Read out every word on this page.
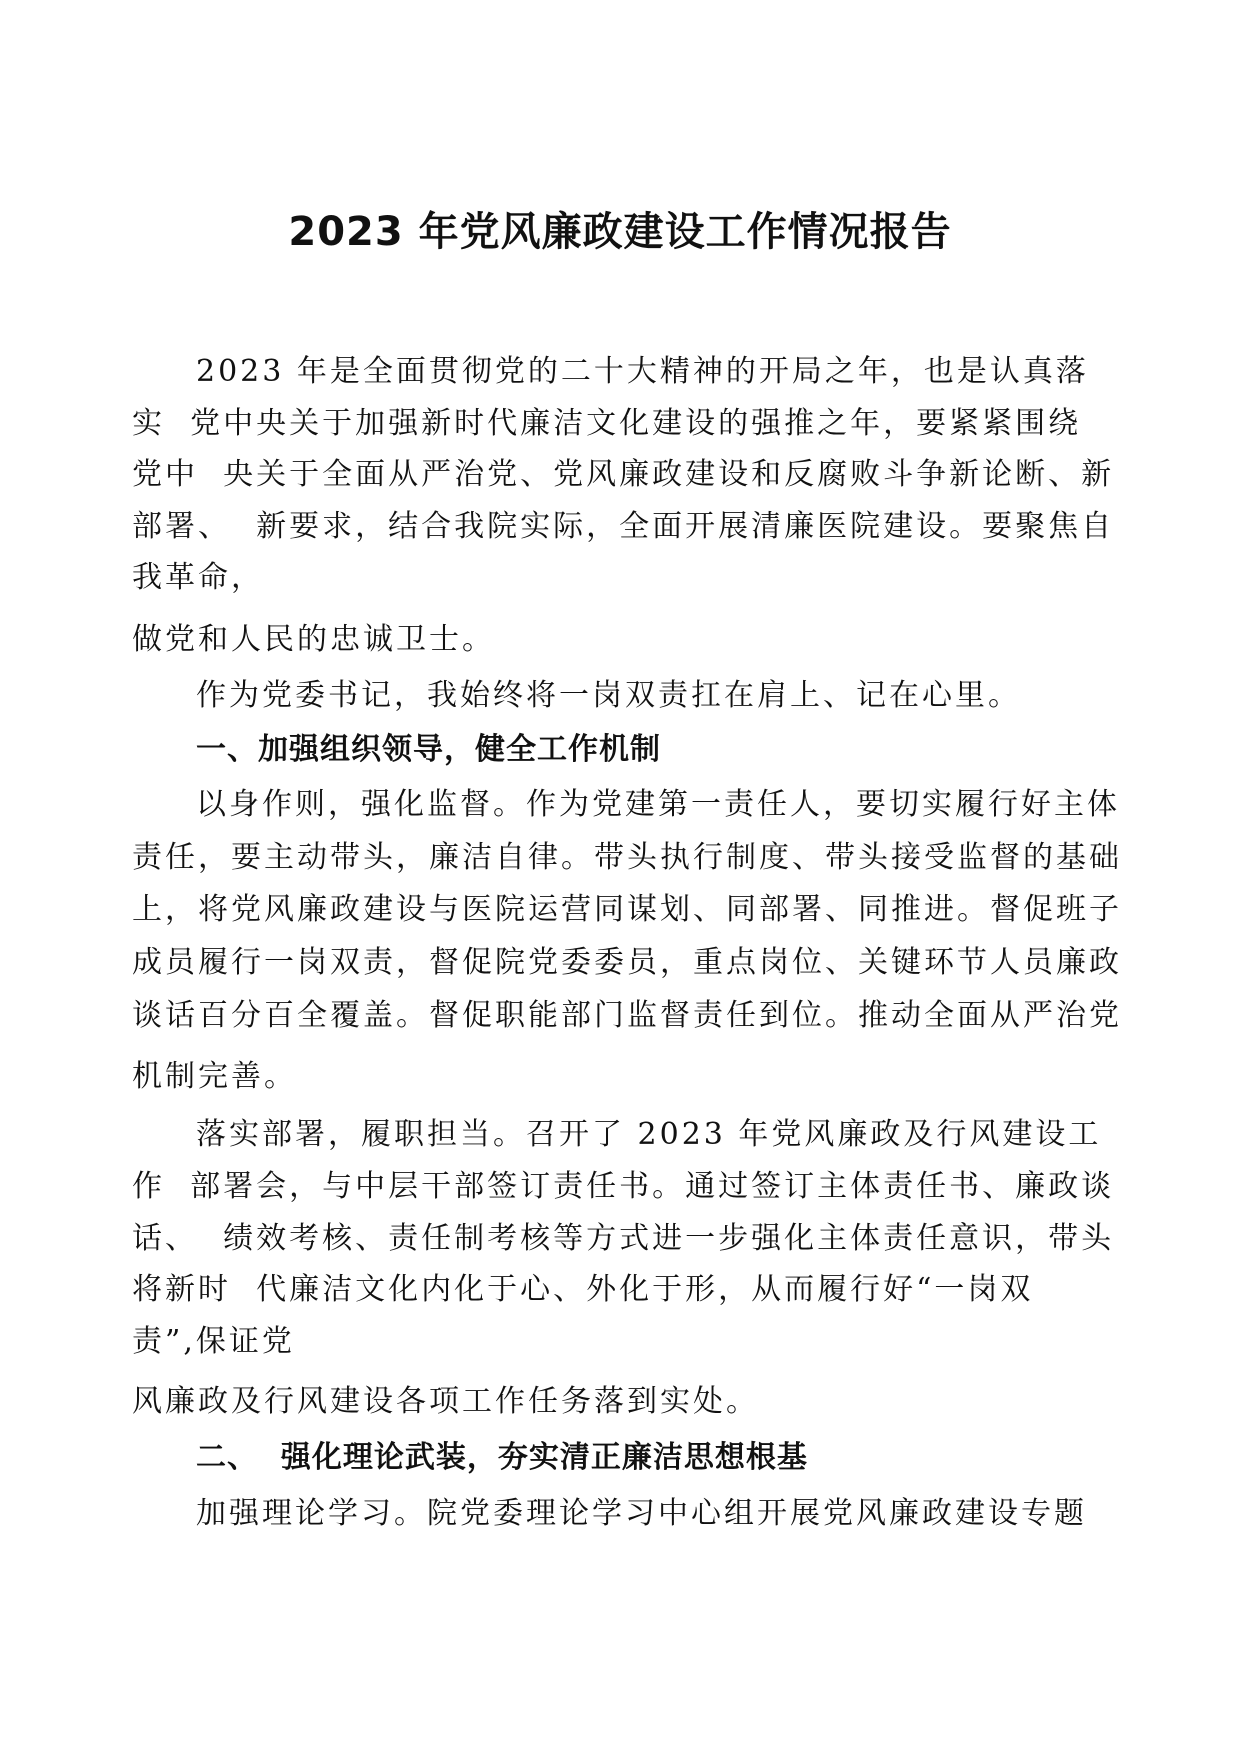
2023 年党风廉政建设工作情况报告
2023 年是全面贯彻党的二十大精神的开局之年，也是认真落
实  党中央关于加强新时代廉洁文化建设的强推之年，要紧紧围绕
党中  央关于全面从严治党、党风廉政建设和反腐败斗争新论断、新
部署、  新要求，结合我院实际，全面开展清廉医院建设。要聚焦自
我革命，
做党和人民的忠诚卫士。
作为党委书记，我始终将一岗双责扛在肩上、记在心里。
一、加强组织领导，健全工作机制
以身作则，强化监督。作为党建第一责任人，要切实履行好主体
责任，要主动带头，廉洁自律。带头执行制度、带头接受监督的基础
上，将党风廉政建设与医院运营同谋划、同部署、同推进。督促班子
成员履行一岗双责，督促院党委委员，重点岗位、关键环节人员廉政
谈话百分百全覆盖。督促职能部门监督责任到位。推动全面从严治党
机制完善。
落实部署，履职担当。召开了 2023 年党风廉政及行风建设工
作  部署会，与中层干部签订责任书。通过签订主体责任书、廉政谈
话、  绩效考核、责任制考核等方式进一步强化主体责任意识，带头
将新时  代廉洁文化内化于心、外化于形，从而履行好“一岗双
责”,保证党
风廉政及行风建设各项工作任务落到实处。
二、  强化理论武装，夯实清正廉洁思想根基
加强理论学习。院党委理论学习中心组开展党风廉政建设专题
